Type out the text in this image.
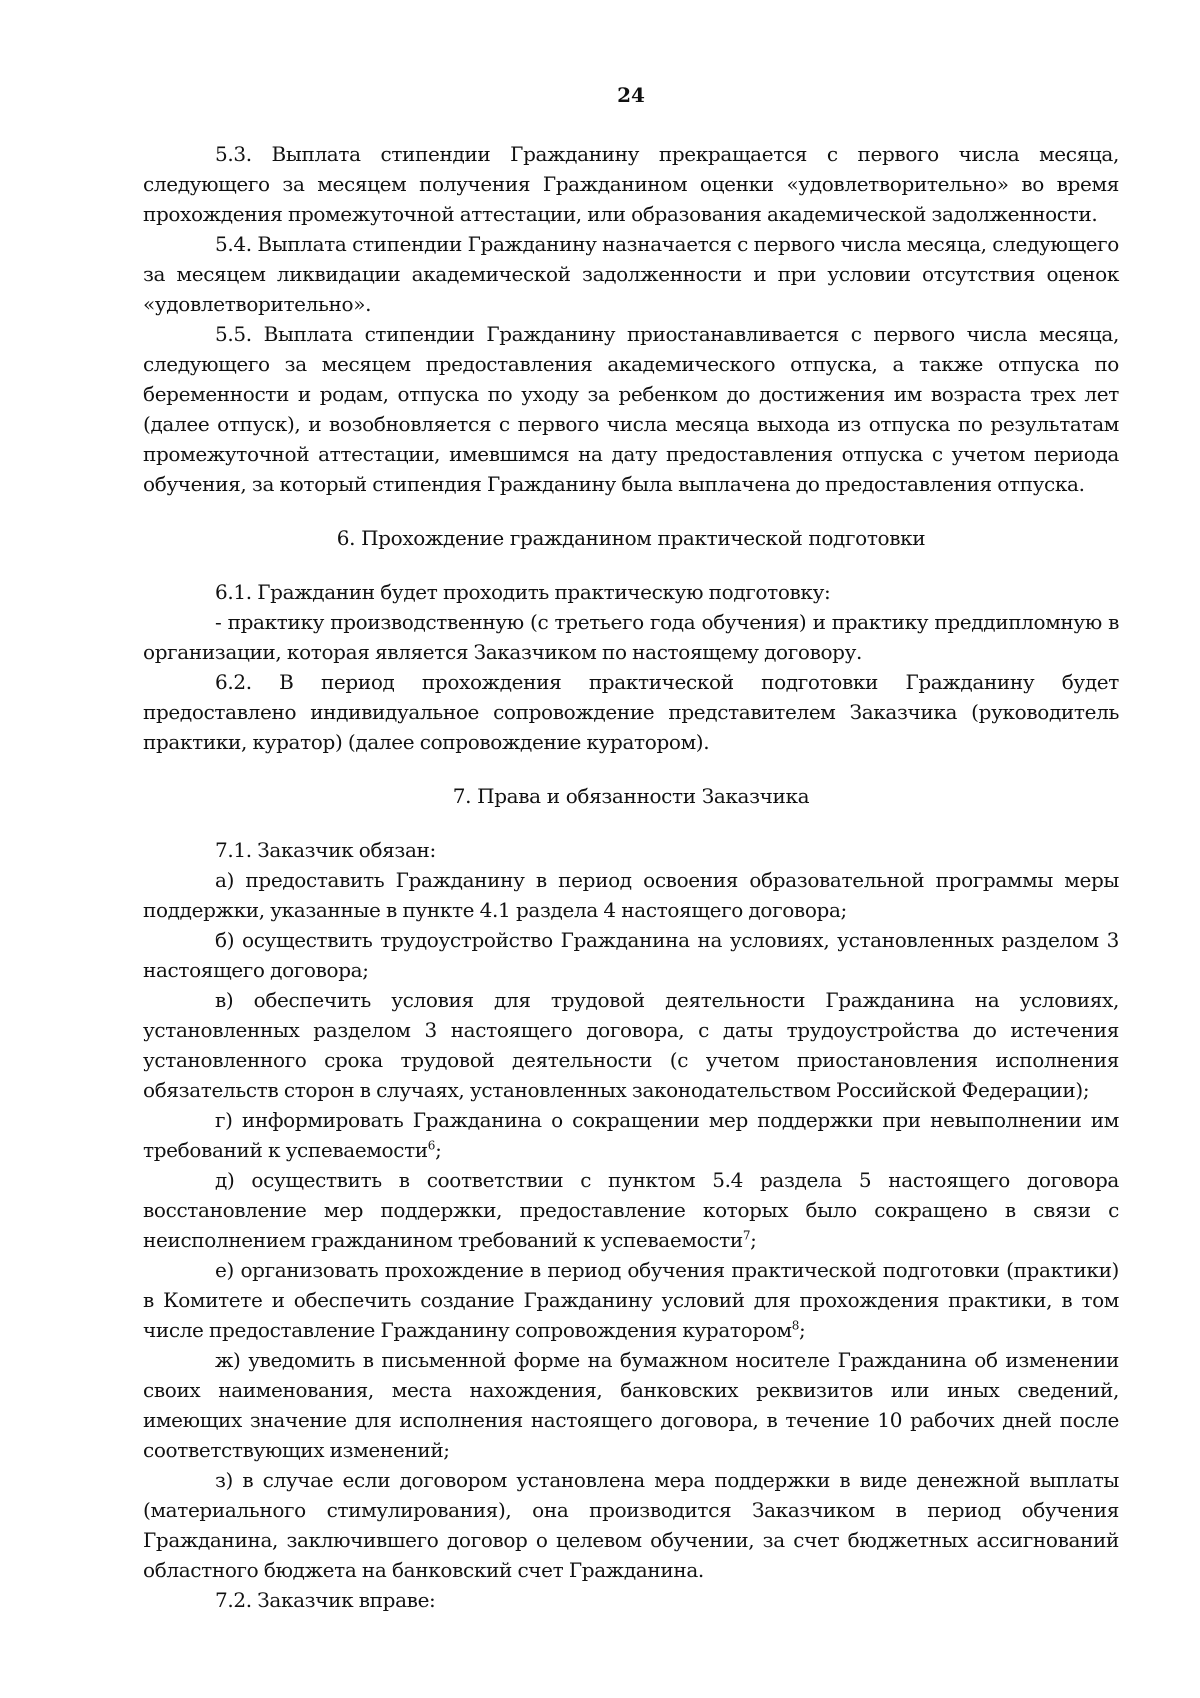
24

5.3. Выплата стипендии Гражданину прекращается с первого числа месяца, следующего за месяцем получения Гражданином оценки «удовлетворительно» во время прохождения промежуточной аттестации, или образования академической задолженности.

5.4. Выплата стипендии Гражданину назначается с первого числа месяца, следующего за месяцем ликвидации академической задолженности и при условии отсутствия оценок «удовлетворительно».

5.5. Выплата стипендии Гражданину приостанавливается с первого числа месяца, следующего за месяцем предоставления академического отпуска, а также отпуска по беременности и родам, отпуска по уходу за ребенком до достижения им возраста трех лет (далее отпуск), и возобновляется с первого числа месяца выхода из отпуска по результатам промежуточной аттестации, имевшимся на дату предоставления отпуска с учетом периода обучения, за который стипендия Гражданину была выплачена до предоставления отпуска.

6. Прохождение гражданином практической подготовки

6.1. Гражданин будет проходить практическую подготовку:

- практику производственную (с третьего года обучения) и практику преддипломную в организации, которая является Заказчиком по настоящему договору.

6.2. В период прохождения практической подготовки Гражданину будет предоставлено индивидуальное сопровождение представителем Заказчика (руководитель практики, куратор) (далее сопровождение куратором).

7. Права и обязанности Заказчика

7.1. Заказчик обязан:

а) предоставить Гражданину в период освоения образовательной программы меры поддержки, указанные в пункте 4.1 раздела 4 настоящего договора;

б) осуществить трудоустройство Гражданина на условиях, установленных разделом 3 настоящего договора;

в) обеспечить условия для трудовой деятельности Гражданина на условиях, установленных разделом 3 настоящего договора, с даты трудоустройства до истечения установленного срока трудовой деятельности (с учетом приостановления исполнения обязательств сторон в случаях, установленных законодательством Российской Федерации);

г) информировать Гражданина о сокращении мер поддержки при невыполнении им требований к успеваемости$^6$;

д) осуществить в соответствии с пунктом 5.4 раздела 5 настоящего договора восстановление мер поддержки, предоставление которых было сокращено в связи с неисполнением гражданином требований к успеваемости$^7$;

е) организовать прохождение в период обучения практической подготовки (практики) в Комитете и обеспечить создание Гражданину условий для прохождения практики, в том числе предоставление Гражданину сопровождения куратором$^8$;

ж) уведомить в письменной форме на бумажном носителе Гражданина об изменении своих наименования, места нахождения, банковских реквизитов или иных сведений, имеющих значение для исполнения настоящего договора, в течение 10 рабочих дней после соответствующих изменений;

з) в случае если договором установлена мера поддержки в виде денежной выплаты (материального стимулирования), она производится Заказчиком в период обучения Гражданина, заключившего договор о целевом обучении, за счет бюджетных ассигнований областного бюджета на банковский счет Гражданина.

7.2. Заказчик вправе:
